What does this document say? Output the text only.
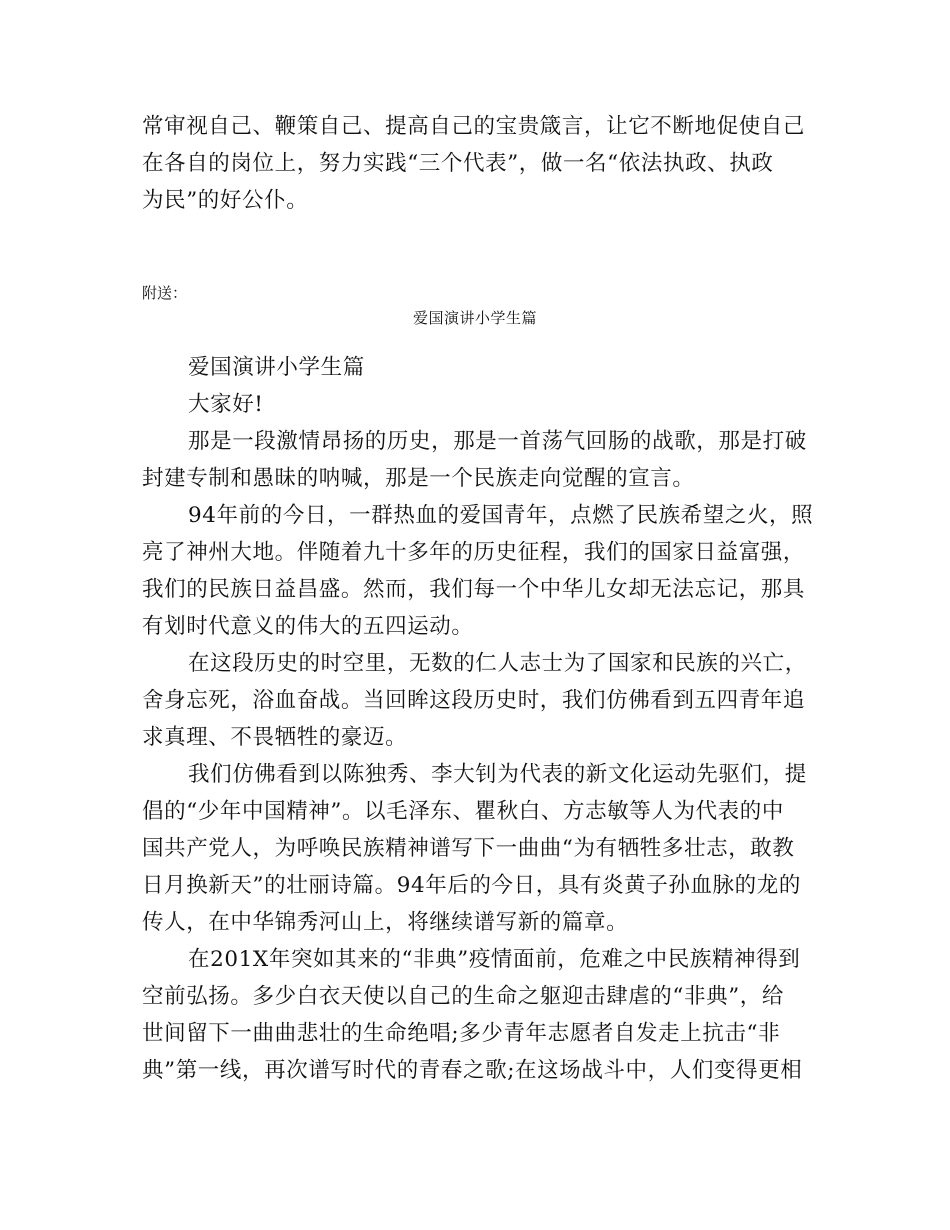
常审视自己、鞭策自己、提高自己的宝贵箴言，让它不断地促使自己
在各自的岗位上，努力实践“三个代表”，做一名“依法执政、执政
为民”的好公仆。
附送：
爱国演讲小学生篇
爱国演讲小学生篇
大家好!
那是一段激情昂扬的历史，那是一首荡气回肠的战歌，那是打破
封建专制和愚昧的呐喊，那是一个民族走向觉醒的宣言。
94年前的今日，一群热血的爱国青年，点燃了民族希望之火，照
亮了神州大地。伴随着九十多年的历史征程，我们的国家日益富强，
我们的民族日益昌盛。然而，我们每一个中华儿女却无法忘记，那具
有划时代意义的伟大的五四运动。
在这段历史的时空里，无数的仁人志士为了国家和民族的兴亡，
舍身忘死，浴血奋战。当回眸这段历史时，我们仿佛看到五四青年追
求真理、不畏牺牲的豪迈。
我们仿佛看到以陈独秀、李大钊为代表的新文化运动先驱们，提
倡的“少年中国精神”。以毛泽东、瞿秋白、方志敏等人为代表的中
国共产党人，为呼唤民族精神谱写下一曲曲“为有牺牲多壮志，敢教
日月换新天”的壮丽诗篇。94年后的今日，具有炎黄子孙血脉的龙的
传人，在中华锦秀河山上，将继续谱写新的篇章。
在201X年突如其来的“非典”疫情面前，危难之中民族精神得到
空前弘扬。多少白衣天使以自己的生命之躯迎击肆虐的“非典”，给
世间留下一曲曲悲壮的生命绝唱;多少青年志愿者自发走上抗击“非
典”第一线，再次谱写时代的青春之歌;在这场战斗中，人们变得更相
